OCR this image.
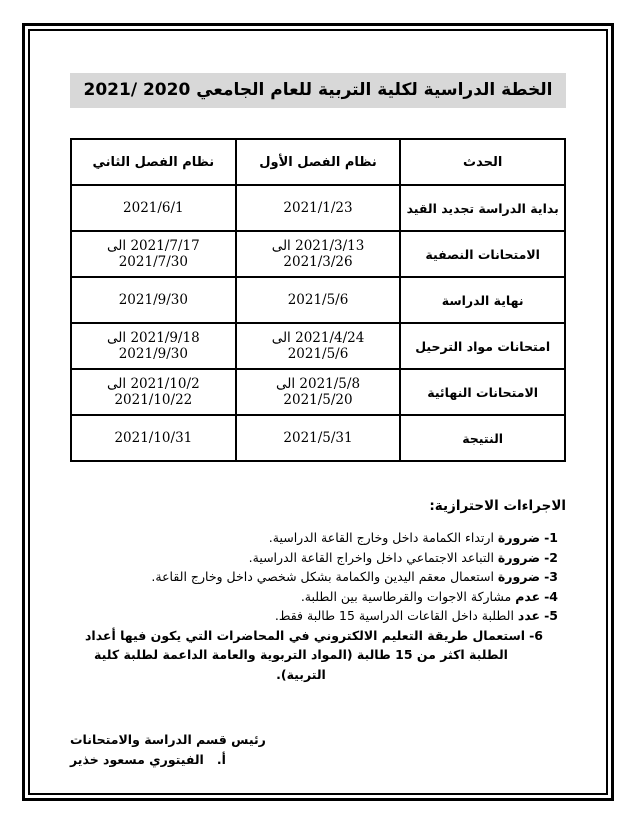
الخطة الدراسية لكلية التربية للعام الجامعي 2020 /2021
الحدث	نظام الفصل الأول	نظام الفصل الثاني
بداية الدراسة تجديد القيد	2021/1/23	2021/6/1
الامتحانات النصفية	2021/3/13 الى 2021/3/26	2021/7/17 الى 2021/7/30
نهاية الدراسة	2021/5/6	2021/9/30
امتحانات مواد الترحيل	2021/4/24 الى 2021/5/6	2021/9/18 الى 2021/9/30
الامتحانات النهائية	2021/5/8 الى 2021/5/20	2021/10/2 الى 2021/10/22
النتيجة	2021/5/31	2021/10/31
الاجراءات الاحترازية:
1- ضرورة ارتداء الكمامة داخل وخارج القاعة الدراسية.
2- ضرورة التباعد الاجتماعي داخل واخراج القاعة الدراسية.
3- ضرورة استعمال معقم اليدين والكمامة بشكل شخصي داخل وخارج القاعة.
4- عدم مشاركة الاجوات والقرطاسية بين الطلبة.
5- عدد الطلبة داخل القاعات الدراسية 15 طالبة فقط.
6- استعمال طريقة التعليم الالكتروني في المحاضرات التي يكون فيها أعداد الطلبة اكثر من 15 طالبة (المواد التربوية والعامة الداعمة لطلبة كلية التربية).
رئيس قسم الدراسة والامتحانات
أ.   الفيتوري مسعود خذير
